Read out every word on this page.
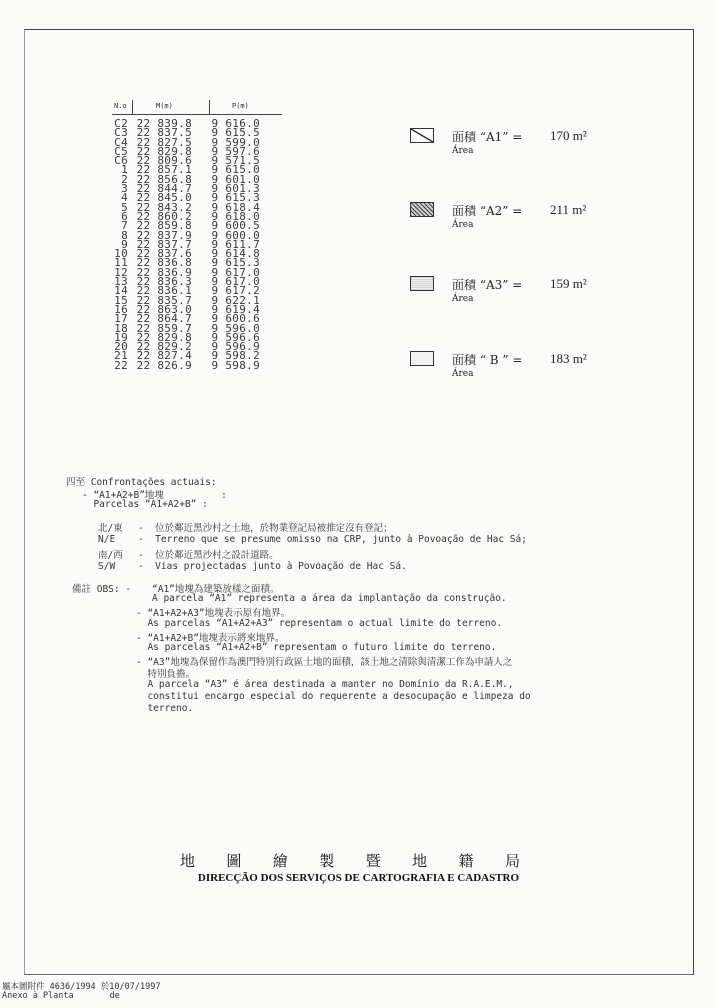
N.o	M(m)	P(m)
C2 22 839.8 9 616.0
C3 22 837.5 9 615.5
C4 22 827.5 9 599.0
C5 22 829.8 9 597.6
C6 22 809.6 9 571.5
1 22 857.1 9 615.0
2 22 856.8 9 601.0
3 22 844.7 9 601.3
4 22 845.0 9 615.3
5 22 843.2 9 618.4
6 22 860.2 9 618.0
7 22 859.8 9 600.5
8 22 837.9 9 600.0
9 22 837.7 9 611.7
10 22 837.6 9 614.8
11 22 836.8 9 615.3
12 22 836.9 9 617.0
13 22 836.3 9 617.0
14 22 836.1 9 617.2
15 22 835.7 9 622.1
16 22 863.0 9 619.4
17 22 864.7 9 600.6
18 22 859.7 9 596.0
19 22 829.8 9 596.6
20 22 829.2 9 596.9
21 22 827.4 9 598.2
22 22 826.9 9 598.9
面積 “A1” =
Área
170 m²
面積 “A2” =
Área
211 m²
面積 “A3” =
Área
159 m²
面積 “ B ” =
Área
183 m²
四至 Confrontações actuais:
- “A1+A2+B”地塊          :
Parcelas “A1+A2+B” :
北/東 -  位於鄰近黑沙村之土地，於物業登記局被推定沒有登記；
N/E -  Terreno que se presume omisso na CRP, junto à Povoação de Hac Sá;
南/西 -  位於鄰近黑沙村之設計道路。
S/W -  Vias projectadas junto à Povoação de Hac Sá.
備註 OBS: - “A1”地塊為建築放樣之面積。
A parcela “A1” representa a área da implantação da construção.
- “A1+A2+A3”地塊表示原有地界。
As parcelas “A1+A2+A3” representam o actual limite do terreno.
- “A1+A2+B”地塊表示將來地界。
As parcelas “A1+A2+B” representam o futuro limite do terreno.
- “A3”地塊為保留作為澳門特別行政區土地的面積，該土地之清除與清潔工作為申請人之
特別負擔。
A parcela “A3” é área destinada a manter no Domínio da R.A.E.M.,
constitui encargo especial do requerente a desocupação e limpeza do
terreno.
地 圖 繪 製 暨 地 籍 局
DIRECÇÃO DOS SERVIÇOS DE CARTOGRAFIA E CADASTRO
屬本圖附件 4636/1994 於10/07/1997
Anexo à Planta       de
